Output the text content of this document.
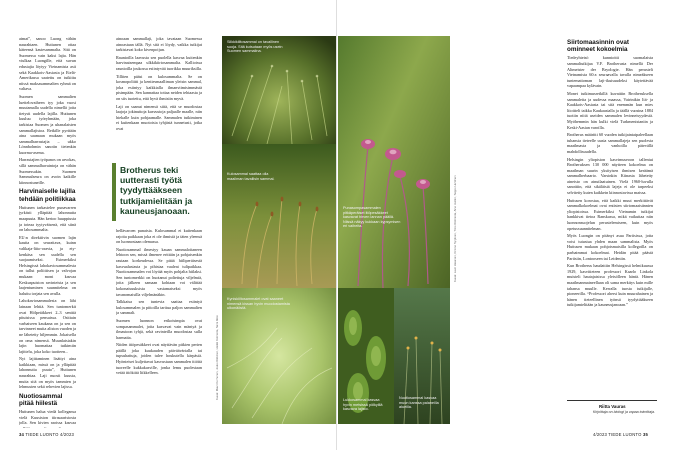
aimat”, sanoo Luong vähän naurahtaen. Huttunen ottaa käteensä kastesammalta. Sitä on Suomessa vain kaksi lajia. Hän viulkaa Luongille, että suvun edustajia löytyy Vietnamista asti sekä Kaakkois-Aasiasta ja Etelä-Amerikassa saatettu on tutkittu niissä maksasammalten ryhmä on valtava.

Suomen sammalten luettelovaiheen tyy joka vuosi muutamalla uudella nimellä joita tietysti uudella lajilla. Huttunen kuuluu työryhmään, joka tarkistaa Suomen ja uhanalaisten sammallajistoa. Retkille pyritään aina saamaan mukaan myös sammalharrastajia – ukko Lönnbohmin sanotin tietenkin kuorma-asema.

Harrastajien työpanos on arvokas, sillä sammalhavaintoja on vähän Suomessakin. Suomen Sammalseura on avoin kaikille kiinnostuneille.

Harvinaiselle lajilla tehdään politiikkaa

Huttunen tarkastelee punavarren jyrkästi ylläpitää lahonnutta maapuuta. Hän kertoo huuppiusta ja toteaa tyytyväisenä, että siinä on lahosammalta.

EU:n direktiivin suomen lajin kautta on seurattava, kuinn valikaja-liito-oravia, ja ety-kenkäsa sen uudella sen suojaamiseksi. Esimerkiksi Helsingissä lahokaviosammalesta on tullut poliittisen ja valvojan mukaan: moni kasvaa Keskuspuiston ravinteista ja sen laajentuminen suunnitelma on haluttu torjata sen avulla.

Lahokaviosammalesta on lähi lainaan lehtiä. Sen tuntomerkit ovat Hölpeiäkkeet 2–3 senttiä pituisissa pensaissa. Osittain varhaiseen kaukana on ja sen on tarvinneet muita aliston vuoden ja ne lähetetty hiljemmin. Jokaisella on oma nimensä. Muunlaisiakin lajin huomattaa tutkimiin lajittelu, joka koko tuotteen...

Nyt lajittaminen lisättyi aina kaikkiaan, missä on ja ylläpitää lahonnutta puuta”, Huttunen naurahtaa. Laji nuosii kuusta, muita sitä on myös tammien ja lehmusten sekä rehevien lajissa.

Nuotiosammal pitää hiilestä

Huttunen halua viedä kollegansa vielä Kuusiston tiirasaaristosta jolla. Sen kivien raoissa kasvaa

ainoaan sammallaji, joka tavataan Suomessa ainoastaan tällä. Nyt sitä ei löydy, vaikka tutkijat tarkistavat koko kivenpoijun.

Raunioilla laavusta sen puolella kasvaa kuitenkin harvinaisempaa ulkkikiirtosammalta. Kallioissa raunioilla joukossa esiintyvää tuorikka muuriksilla.

Tilliten pääsi on kulosammalta. Se on kosmopoliitti ja kentiesmaalliman yleisin sammal, joka esiintyy kaikkialla ilmanviimisimmästä pisimpään. Sen kannattaa tottaa neiden tehtaasta ja on siis tuotettu, että hyvä ihmisiin myvä.

Laji on saanut nimensä siitä, että se muodostaa laajoja jokinuttoja kasvustoja paljaalle maalle, niin hiekalle kuin pohjaamalle. Sammalen tutkiminen ei kuitenkaan muotoisia tyhjästä tunnetusti, jotka ovat

Brotherus teki uutterasti työtä tyydyttääkseen tutkijamielitään ja kauneusjanoaan.

hellävaroen punaisia. Kulosammal ei kuitenkaan rajoita paikkaan joka ei ole ihmisiä ja täten yleensä on luonnostaan olemassa.

Nuotiosammal ilmestyy kauan sammaloitaneen lehtoon sen, missä ilmenee erittäin ja pohjaisenkin rautaan korkeudessa. Se pitää hiiliperäisestä kasvualustasta ja pihistaa vaaleat tulipaikkaa. Nuotiosammalen voi löytää myös pohjalta hiilaksi. Sen tuntomerkki on huotanut poltettuja viljelmiä, joita jälkeen samaan kohtaan voi välittää kokonaisuuksista vastamaiseksi myös tavanomaisilla viljelmänäkin.

Talkkaisa sen tuntevia saattaa esiintyä kulosammalen ja piitoilla tarttua paljon sammalien ja sammalt.

Suomen luonnon erikoisimpia ovat sompasammalet, joita kasvavat vain mäntyä ja ilmastoon tyhjä, sekä ravinteilla muodostaa sulla harmaita.

Niiden itiöpesäkkeet ovat näyttävän pitkien perien päällä joka kuukauden päiväävärialla tai tupsuhattuja, joiden tulee houkutella kärpäsiä. Hyönteiset kuljettavat kasvustaan sammalen itiöitä tuoreelle kukkakasville, jonka lemu puolestaan vetää itiökiitä liikkelleen.

Silkkikiiltosammal on tavallinen suoja. Sitä kutsutaan myös usein Suomen sammalina.
Kulosammal saattaa olla maailman tavallisin sammal.
Kyniskiiltosammalet ovat saaneet nimensä kissan hyvin muodostamista ulkonäöstä.
Kuvat: Mauri Korhonen, Jouko Rikkinen, Heikki Kotiranta, Sami Aikio
34 TIEDE LUONTO 4/2023
Punasompasammalen pitkäperäiset itiöpesäkkeet kasvavat hirven lannan päällä. Niissä näkyy kukkaan kypsymisen eri vaiheita.
Lukkosammal kasvaa hyvin metsissä pölkyillä kasvava lajisto.
Nuotiosammal kasvaa muun kanssa palaneilla alueilla.
Kuvat: Lauri Hasanen, Kimmo Syrjänen, Timo Ristiranta, Aino Juslén, Seppo Huhtinen
Siirtomaasinnin ovat ominneet kokoelmia

Tiedeyhteisö kunnioitti suomalaista sammaltutkijaa V.F. Brotherusta nimellä Der Altmeister der Bryologie. Hän perusteli Vietnamista 60:a seuraavalla tavalla nimeäkseen tuntemattoman laji-ikuisuudeksi käytettävää vapaampaa kylävain.

Monet tutkimusretkillä kuvattiin Brotheruksella sammaleita ja uudessa maassa, Vairinikin Itä- ja Kaakkois-Aasiasta tai sitä enemmän kun mies liioitteli taikka Kaukaasialla ja täällä vuosina 1884 tuotiin niitä useiden sammalen levinneisyydestä. Myöhemmin hän kulki vielä Turkmenistaniin ja Keski-Aasian varoilla.

Brotherus määritti 60 vuoden tutkijaintaipaleellaan tuhansia tieteelle uusia sammallajeja sen puolesta maailmasta ja vanhoilla pätevällä mahdollisuudella.

Helsingin yliopiston kasvimuseoon tallentui Brotheruksen 130 000 näytteen kokoelma on maailman suurin yksityisen ihmisen keräämä sammalherbaario. Varsinkin Kiinasta lähetetty aineisto on ainutlaatuinen. Vielä 1960-luvulla sanottiin, että sikäläisiä lajeja ei ole tarpeeksi selvitetty kuten kaikkein kiinnostavissa maissa.

Huttusen korostaa, että kaikki muut merkittävät sammalkokoelmat ovat entisten siirtomaaisännien yliopistoissa. Esimerkiksi Vietnamin tutkijat hankkivat tietoa Ranskassa, mikä vaikuttaa niin luonnonsuojelun perustelemiseen, kuin myös opetussuunnitelman.

Myös Luongin on pitänyt asua Pariisissa, jotta voisi tutustua yhden maan sammalista. Myös Huttusen mukaan pohjoismaisilla kollegoilla on parhaimmat kokoelmat. Heidän pitää päästä Pariisiin, Lontooseen tai Leideniin.

Kun Brotherus haudattiin Helsingissä helmikuussa 1929, kasvitieteen professori Kaarlo Linkola muisteli hautajaisissa yleisölleen häntä. Hänen maailmanmaineellaan oli sama merkitys kuin mille tahansa muulle. Kerralla tuosta tutkijalle, pioneerilla. “Professori ahersi kuin muurahainen ja hänen tieteellinen työnsä tyydyttääkseen tutkijamielitään ja kauneusjanoaan.”

Riitta Vauras
Kirjoittaja on biologi ja vapaa toimittaja.
4/2023 TIEDE LUONTO 35
